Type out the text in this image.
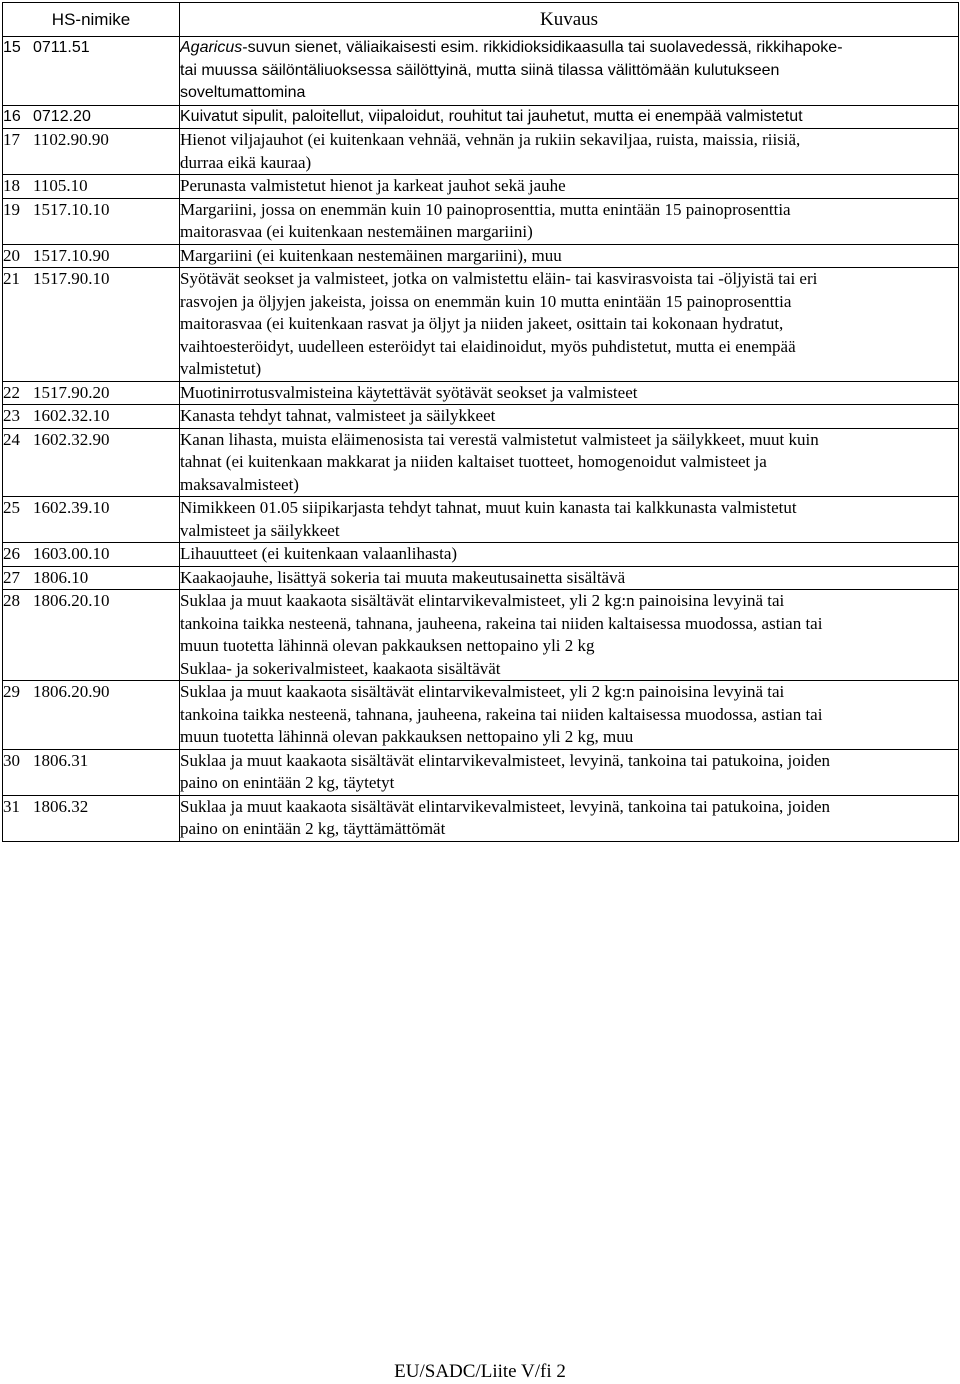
HS-nimike	Kuvaus
15 0711.51	Agaricus-suvun sienet, väliaikaisesti esim. rikkidioksidikaasulla tai suolavedessä, rikkihapoke-
tai muussa säilöntäliuoksessa säilöttyinä, mutta siinä tilassa välittömään kulutukseen
soveltumattomina

16 0712.20	Kuivatut sipulit, paloitellut, viipaloidut, rouhitut tai jauhetut, mutta ei enempää valmistetut

17 1102.90.90	Hienot viljajauhot (ei kuitenkaan vehnää, vehnän ja rukiin sekaviljaa, ruista, maissia, riisiä,
durraa eikä kauraa)

18 1105.10	Perunasta valmistetut hienot ja karkeat jauhot sekä jauhe

19 1517.10.10	Margariini, jossa on enemmän kuin 10 painoprosenttia, mutta enintään 15 painoprosenttia
maitorasvaa (ei kuitenkaan nestemäinen margariini)

20 1517.10.90	Margariini (ei kuitenkaan nestemäinen margariini), muu

21 1517.90.10	Syötävät seokset ja valmisteet, jotka on valmistettu eläin- tai kasvirasvoista tai -öljyistä tai eri
rasvojen ja öljyjen jakeista, joissa on enemmän kuin 10 mutta enintään 15 painoprosenttia
maitorasvaa (ei kuitenkaan rasvat ja öljyt ja niiden jakeet, osittain tai kokonaan hydratut,
vaihtoesteröidyt, uudelleen esteröidyt tai elaidinoidut, myös puhdistetut, mutta ei enempää
valmistetut)

22 1517.90.20	Muotinirrotusvalmisteina käytettävät syötävät seokset ja valmisteet

23 1602.32.10	Kanasta tehdyt tahnat, valmisteet ja säilykkeet

24 1602.32.90	Kanan lihasta, muista eläimenosista tai verestä valmistetut valmisteet ja säilykkeet, muut kuin
tahnat (ei kuitenkaan makkarat ja niiden kaltaiset tuotteet, homogenoidut valmisteet ja
maksavalmisteet)

25 1602.39.10	Nimikkeen 01.05 siipikarjasta tehdyt tahnat, muut kuin kanasta tai kalkkunasta valmistetut
valmisteet ja säilykkeet

26 1603.00.10	Lihauutteet (ei kuitenkaan valaanlihasta)

27 1806.10	Kaakaojauhe, lisättyä sokeria tai muuta makeutusainetta sisältävä

28 1806.20.10	Suklaa ja muut kaakaota sisältävät elintarvikevalmisteet, yli 2 kg:n painoisina levyinä tai
tankoina taikka nesteenä, tahnana, jauheena, rakeina tai niiden kaltaisessa muodossa, astian tai
muun tuotetta lähinnä olevan pakkauksen nettopaino yli 2 kg
Suklaa- ja sokerivalmisteet, kaakaota sisältävät

29 1806.20.90	Suklaa ja muut kaakaota sisältävät elintarvikevalmisteet, yli 2 kg:n painoisina levyinä tai
tankoina taikka nesteenä, tahnana, jauheena, rakeina tai niiden kaltaisessa muodossa, astian tai
muun tuotetta lähinnä olevan pakkauksen nettopaino yli 2 kg, muu

30 1806.31	Suklaa ja muut kaakaota sisältävät elintarvikevalmisteet, levyinä, tankoina tai patukoina, joiden
paino on enintään 2 kg, täytetyt

31 1806.32	Suklaa ja muut kaakaota sisältävät elintarvikevalmisteet, levyinä, tankoina tai patukoina, joiden
paino on enintään 2 kg, täyttämättömät
EU/SADC/Liite V/fi 2
